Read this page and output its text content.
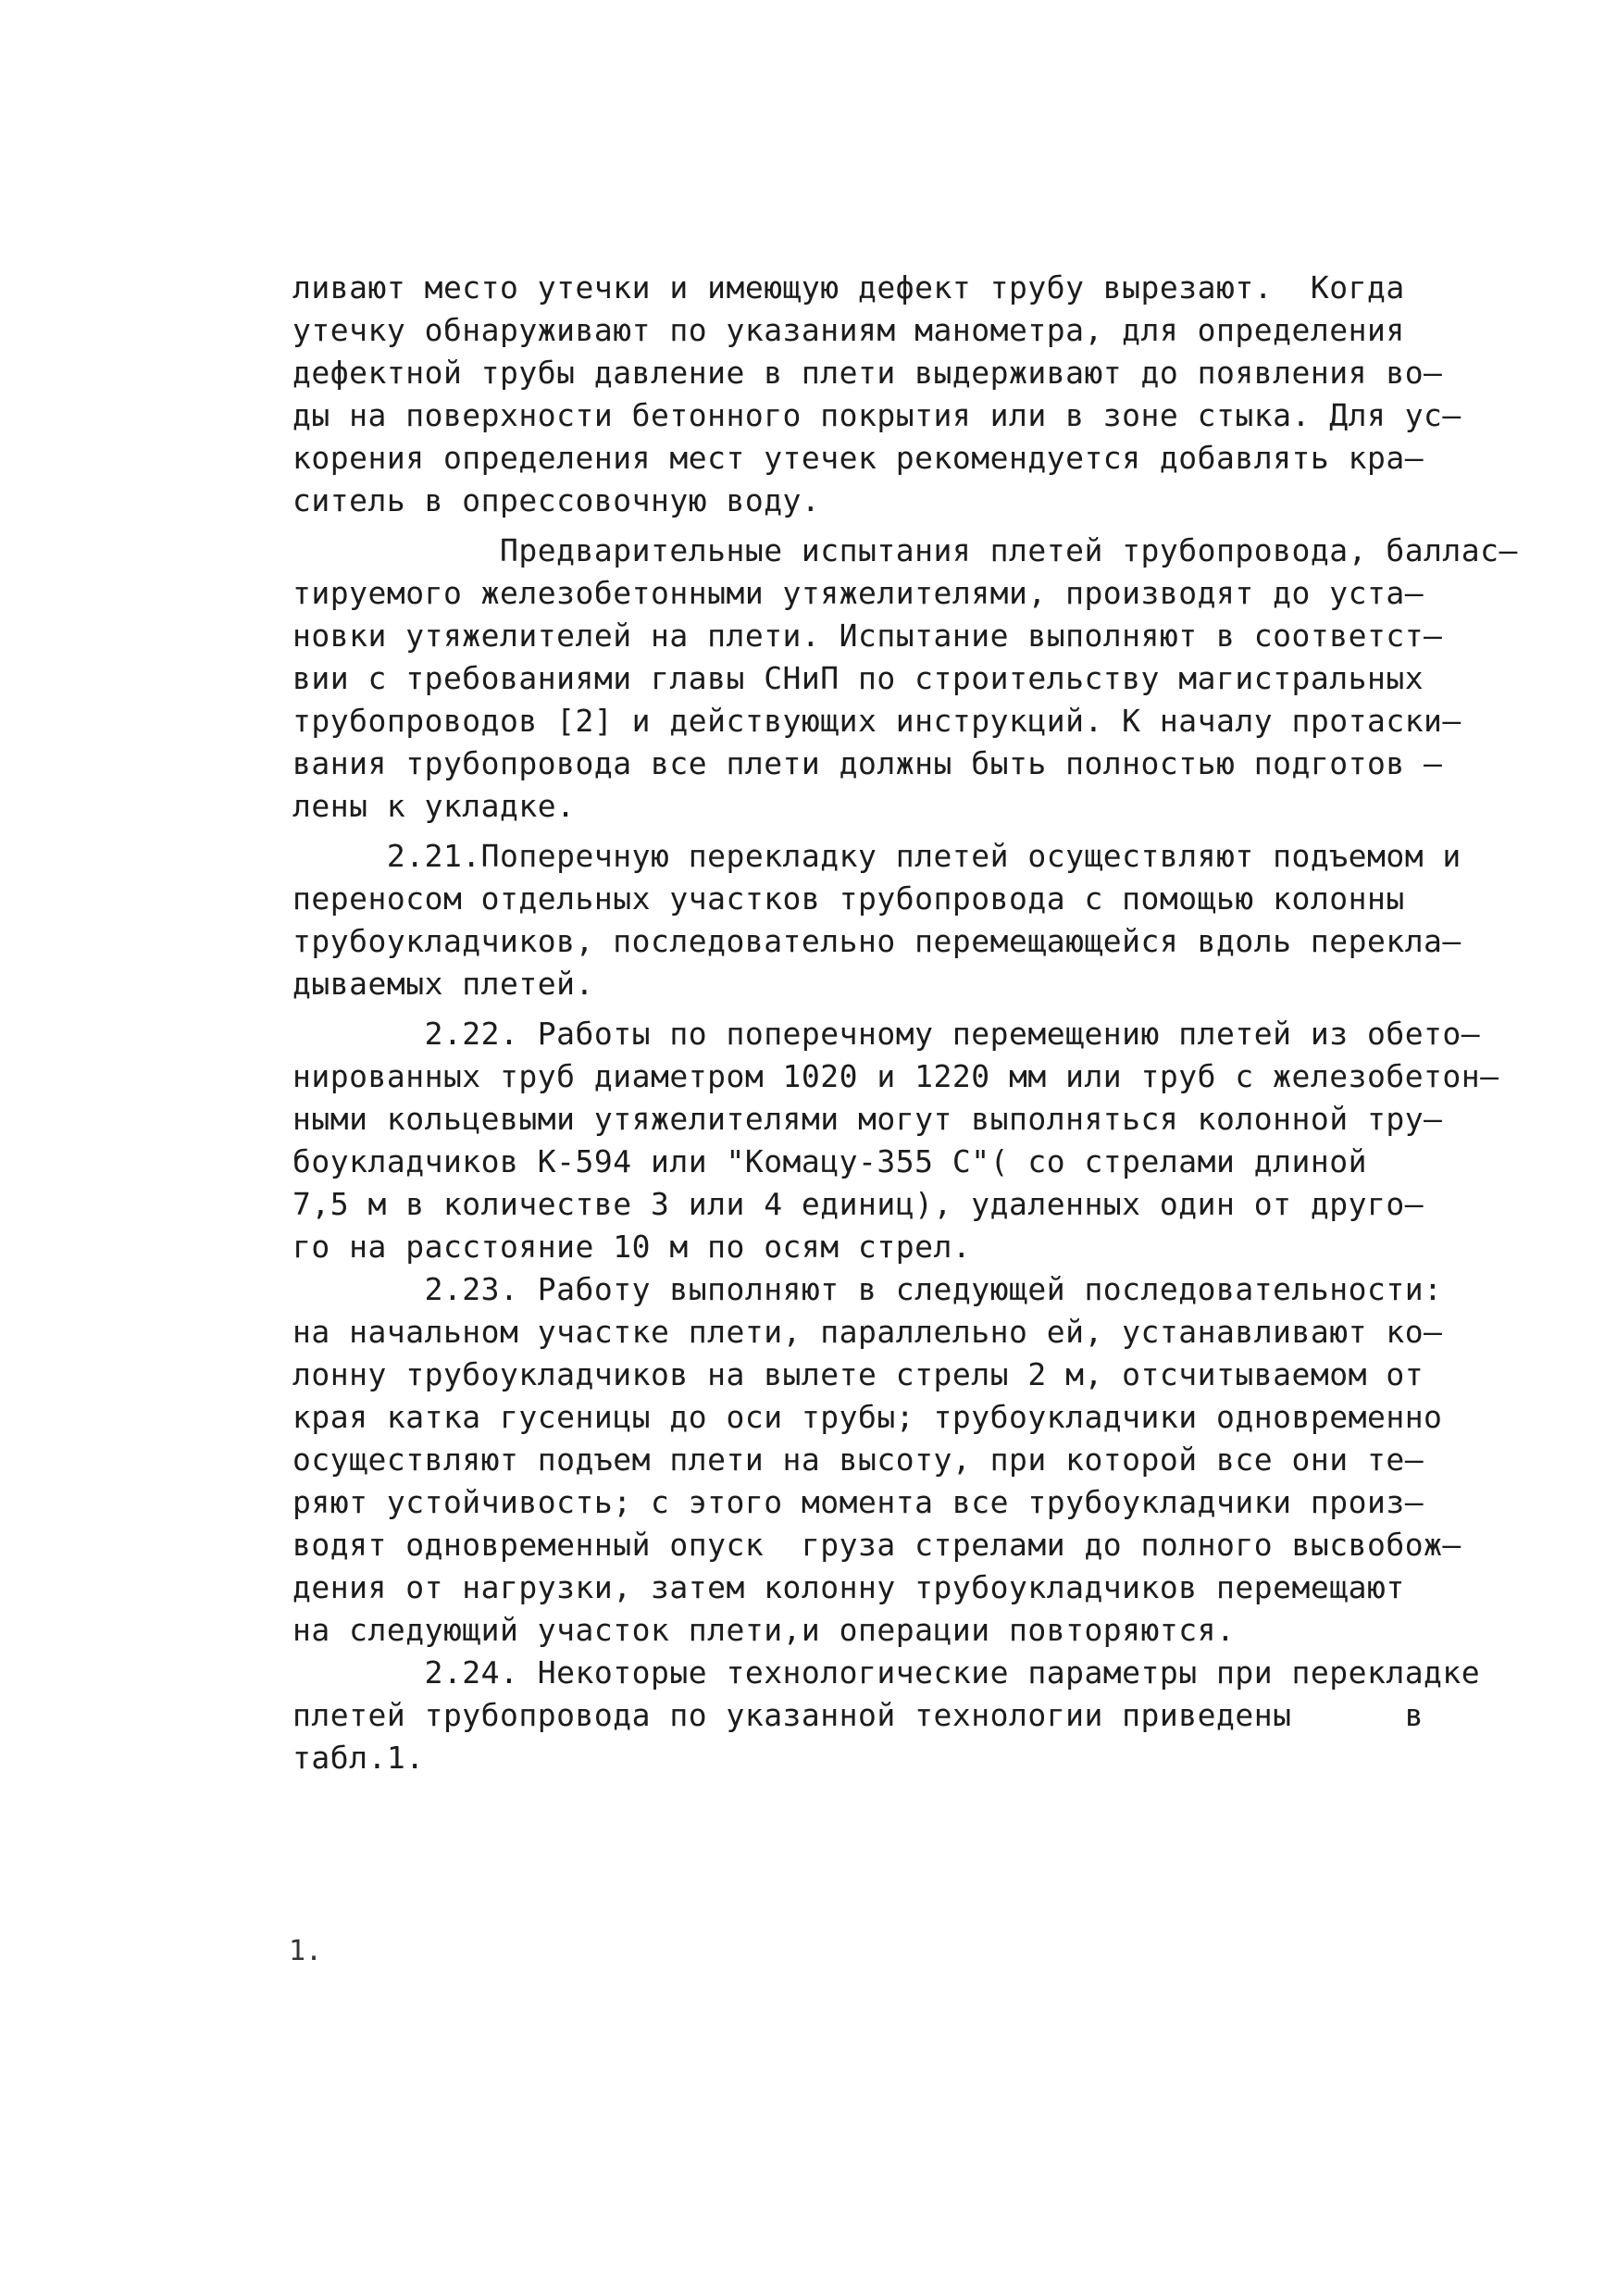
ливают место утечки и имеющую дефект трубу вырезают.  Когда
утечку обнаруживают по указаниям манометра, для определения
дефектной трубы давление в плети выдерживают до появления во–
ды на поверхности бетонного покрытия или в зоне стыка. Для ус–
корения определения мест утечек рекомендуется добавлять кра–
ситель в опрессовочную воду.
Предварительные испытания плетей трубопровода, баллас–
тируемого железобетонными утяжелителями, производят до уста–
новки утяжелителей на плети. Испытание выполняют в соответст–
вии с требованиями главы СНиП по строительству магистральных
трубопроводов [2] и действующих инструкций. К началу протаски–
вания трубопровода все плети должны быть полностью подготов –
лены к укладке.
2.21.Поперечную перекладку плетей осуществляют подъемом и
переносом отдельных участков трубопровода с помощью колонны
трубоукладчиков, последовательно перемещающейся вдоль перекла–
дываемых плетей.
2.22. Работы по поперечному перемещению плетей из обето–
нированных труб диаметром 1020 и 1220 мм или труб с железобетон–
ными кольцевыми утяжелителями могут выполняться колонной тру–
боукладчиков К-594 или "Комацу-355 С"( со стрелами длиной
7,5 м в количестве 3 или 4 единиц), удаленных один от друго–
го на расстояние 10 м по осям стрел.
2.23. Работу выполняют в следующей последовательности:
на начальном участке плети, параллельно ей, устанавливают ко–
лонну трубоукладчиков на вылете стрелы 2 м, отсчитываемом от
края катка гусеницы до оси трубы; трубоукладчики одновременно
осуществляют подъем плети на высоту, при которой все они те–
ряют устойчивость; с этого момента все трубоукладчики произ–
водят одновременный опуск  груза стрелами до полного высвобож–
дения от нагрузки, затем колонну трубоукладчиков перемещают
на следующий участок плети,и операции повторяются.
2.24. Некоторые технологические параметры при перекладке
плетей трубопровода по указанной технологии приведены      в
табл.1.
1.
